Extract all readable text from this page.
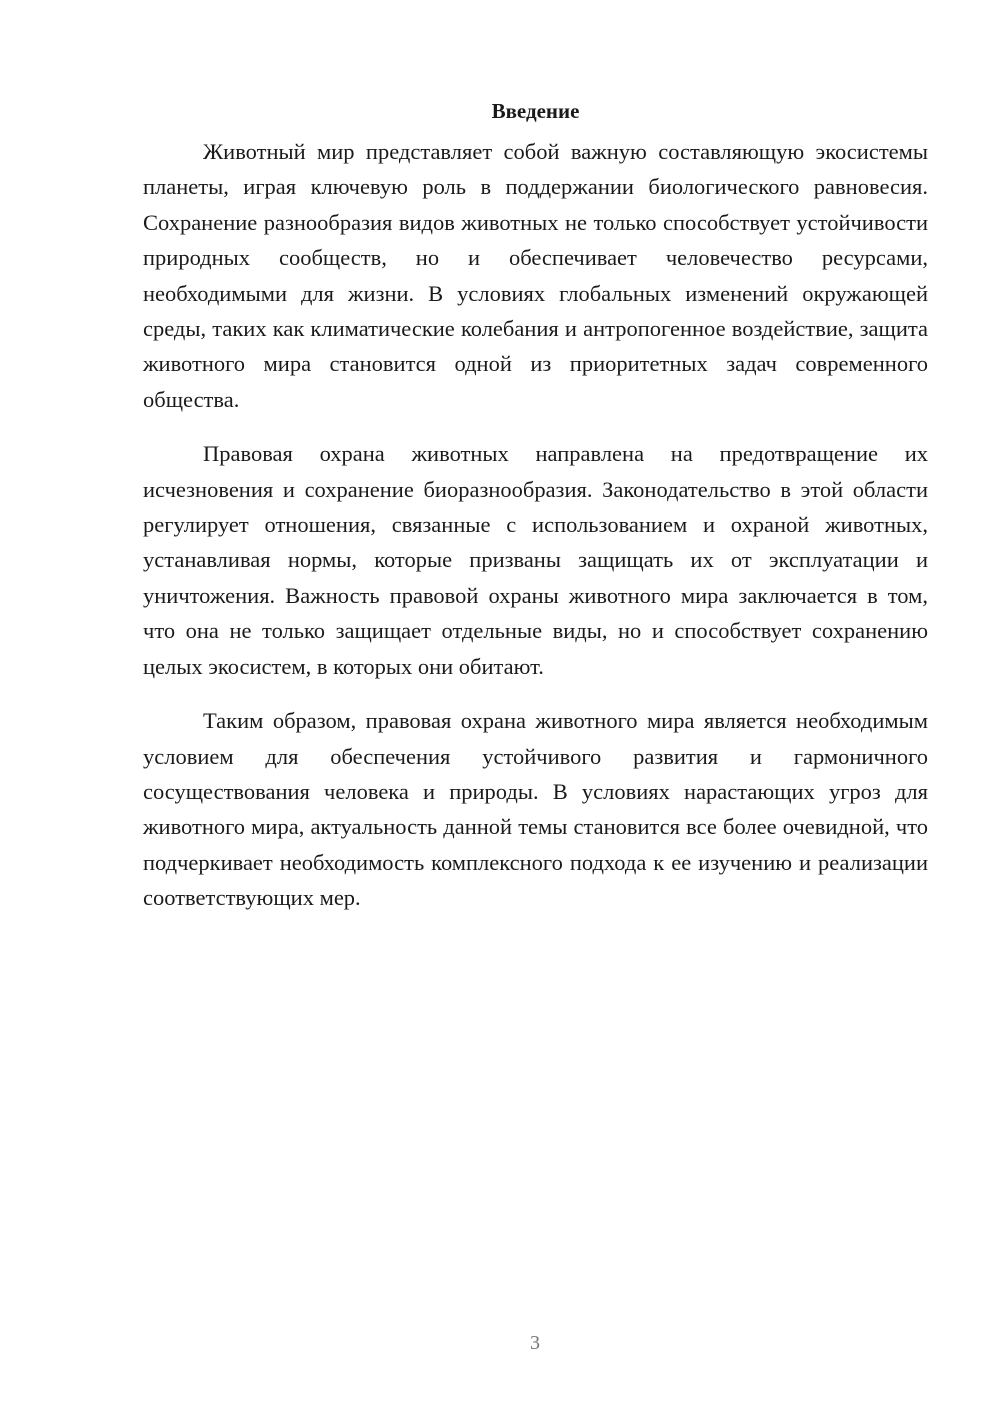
Введение

Животный мир представляет собой важную составляющую экосистемы планеты, играя ключевую роль в поддержании биологического равновесия. Сохранение разнообразия видов животных не только способствует устойчивости природных сообществ, но и обеспечивает человечество ресурсами, необходимыми для жизни. В условиях глобальных изменений окружающей среды, таких как климатические колебания и антропогенное воздействие, защита животного мира становится одной из приоритетных задач современного общества.

Правовая охрана животных направлена на предотвращение их исчезновения и сохранение биоразнообразия. Законодательство в этой области регулирует отношения, связанные с использованием и охраной животных, устанавливая нормы, которые призваны защищать их от эксплуатации и уничтожения. Важность правовой охраны животного мира заключается в том, что она не только защищает отдельные виды, но и способствует сохранению целых экосистем, в которых они обитают.

Таким образом, правовая охрана животного мира является необходимым условием для обеспечения устойчивого развития и гармоничного сосуществования человека и природы. В условиях нарастающих угроз для животного мира, актуальность данной темы становится все более очевидной, что подчеркивает необходимость комплексного подхода к ее изучению и реализации соответствующих мер.

3
